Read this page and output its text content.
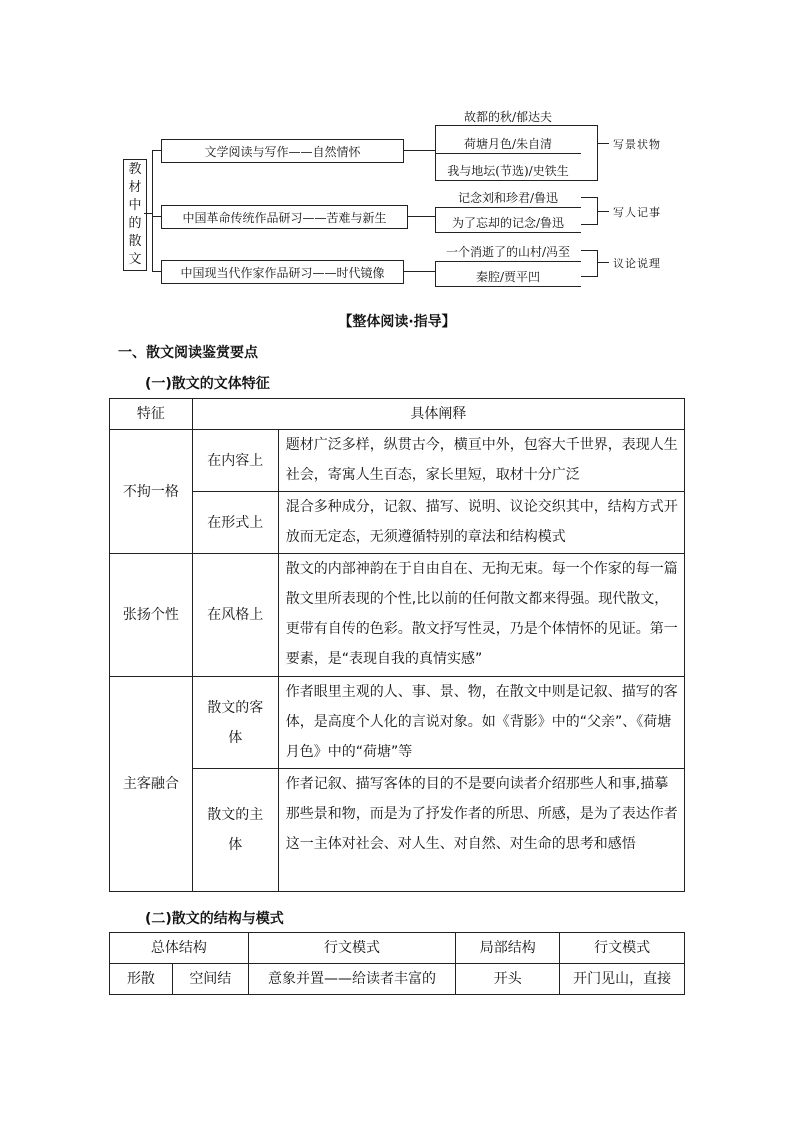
教材中的散文
文学阅读与写作——自然情怀
中国革命传统作品研习——苦难与新生
中国现当代作家作品研习——时代镜像
故都的秋/郁达夫
荷塘月色/朱自清
我与地坛(节选)/史铁生
写景状物
记念刘和珍君/鲁迅
为了忘却的记念/鲁迅
写人记事
一个消逝了的山村/冯至
秦腔/贾平凹
议论说理
【整体阅读·指导】
一、散文阅读鉴赏要点
(一)散文的文体特征
特征	具体阐释	
不拘一格	在内容上	题材广泛多样，纵贯古今，横亘中外，包容大千世界，表现人生社会，寄寓人生百态，家长里短，取材十分广泛
	在形式上	混合多种成分，记叙、描写、说明、议论交织其中，结构方式开放而无定态，无须遵循特别的章法和结构模式
张扬个性	在风格上	散文的内部神韵在于自由自在、无拘无束。每一个作家的每一篇散文里所表现的个性,比以前的任何散文都来得强。现代散文，更带有自传的色彩。散文抒写性灵，乃是个体情怀的见证。第一要素，是“表现自我的真情实感”
主客融合	散文的客体	作者眼里主观的人、事、景、物，在散文中则是记叙、描写的客体，是高度个人化的言说对象。如《背影》中的“父亲”、《荷塘月色》中的“荷塘”等
	散文的主体	作者记叙、描写客体的目的不是要向读者介绍那些人和事,描摹那些景和物，而是为了抒发作者的所思、所感，是为了表达作者这一主体对社会、对人生、对自然、对生命的思考和感悟
(二)散文的结构与模式
总体结构		行文模式	局部结构	行文模式
形散	空间结	意象并置——给读者丰富的	开头	开门见山，直接
